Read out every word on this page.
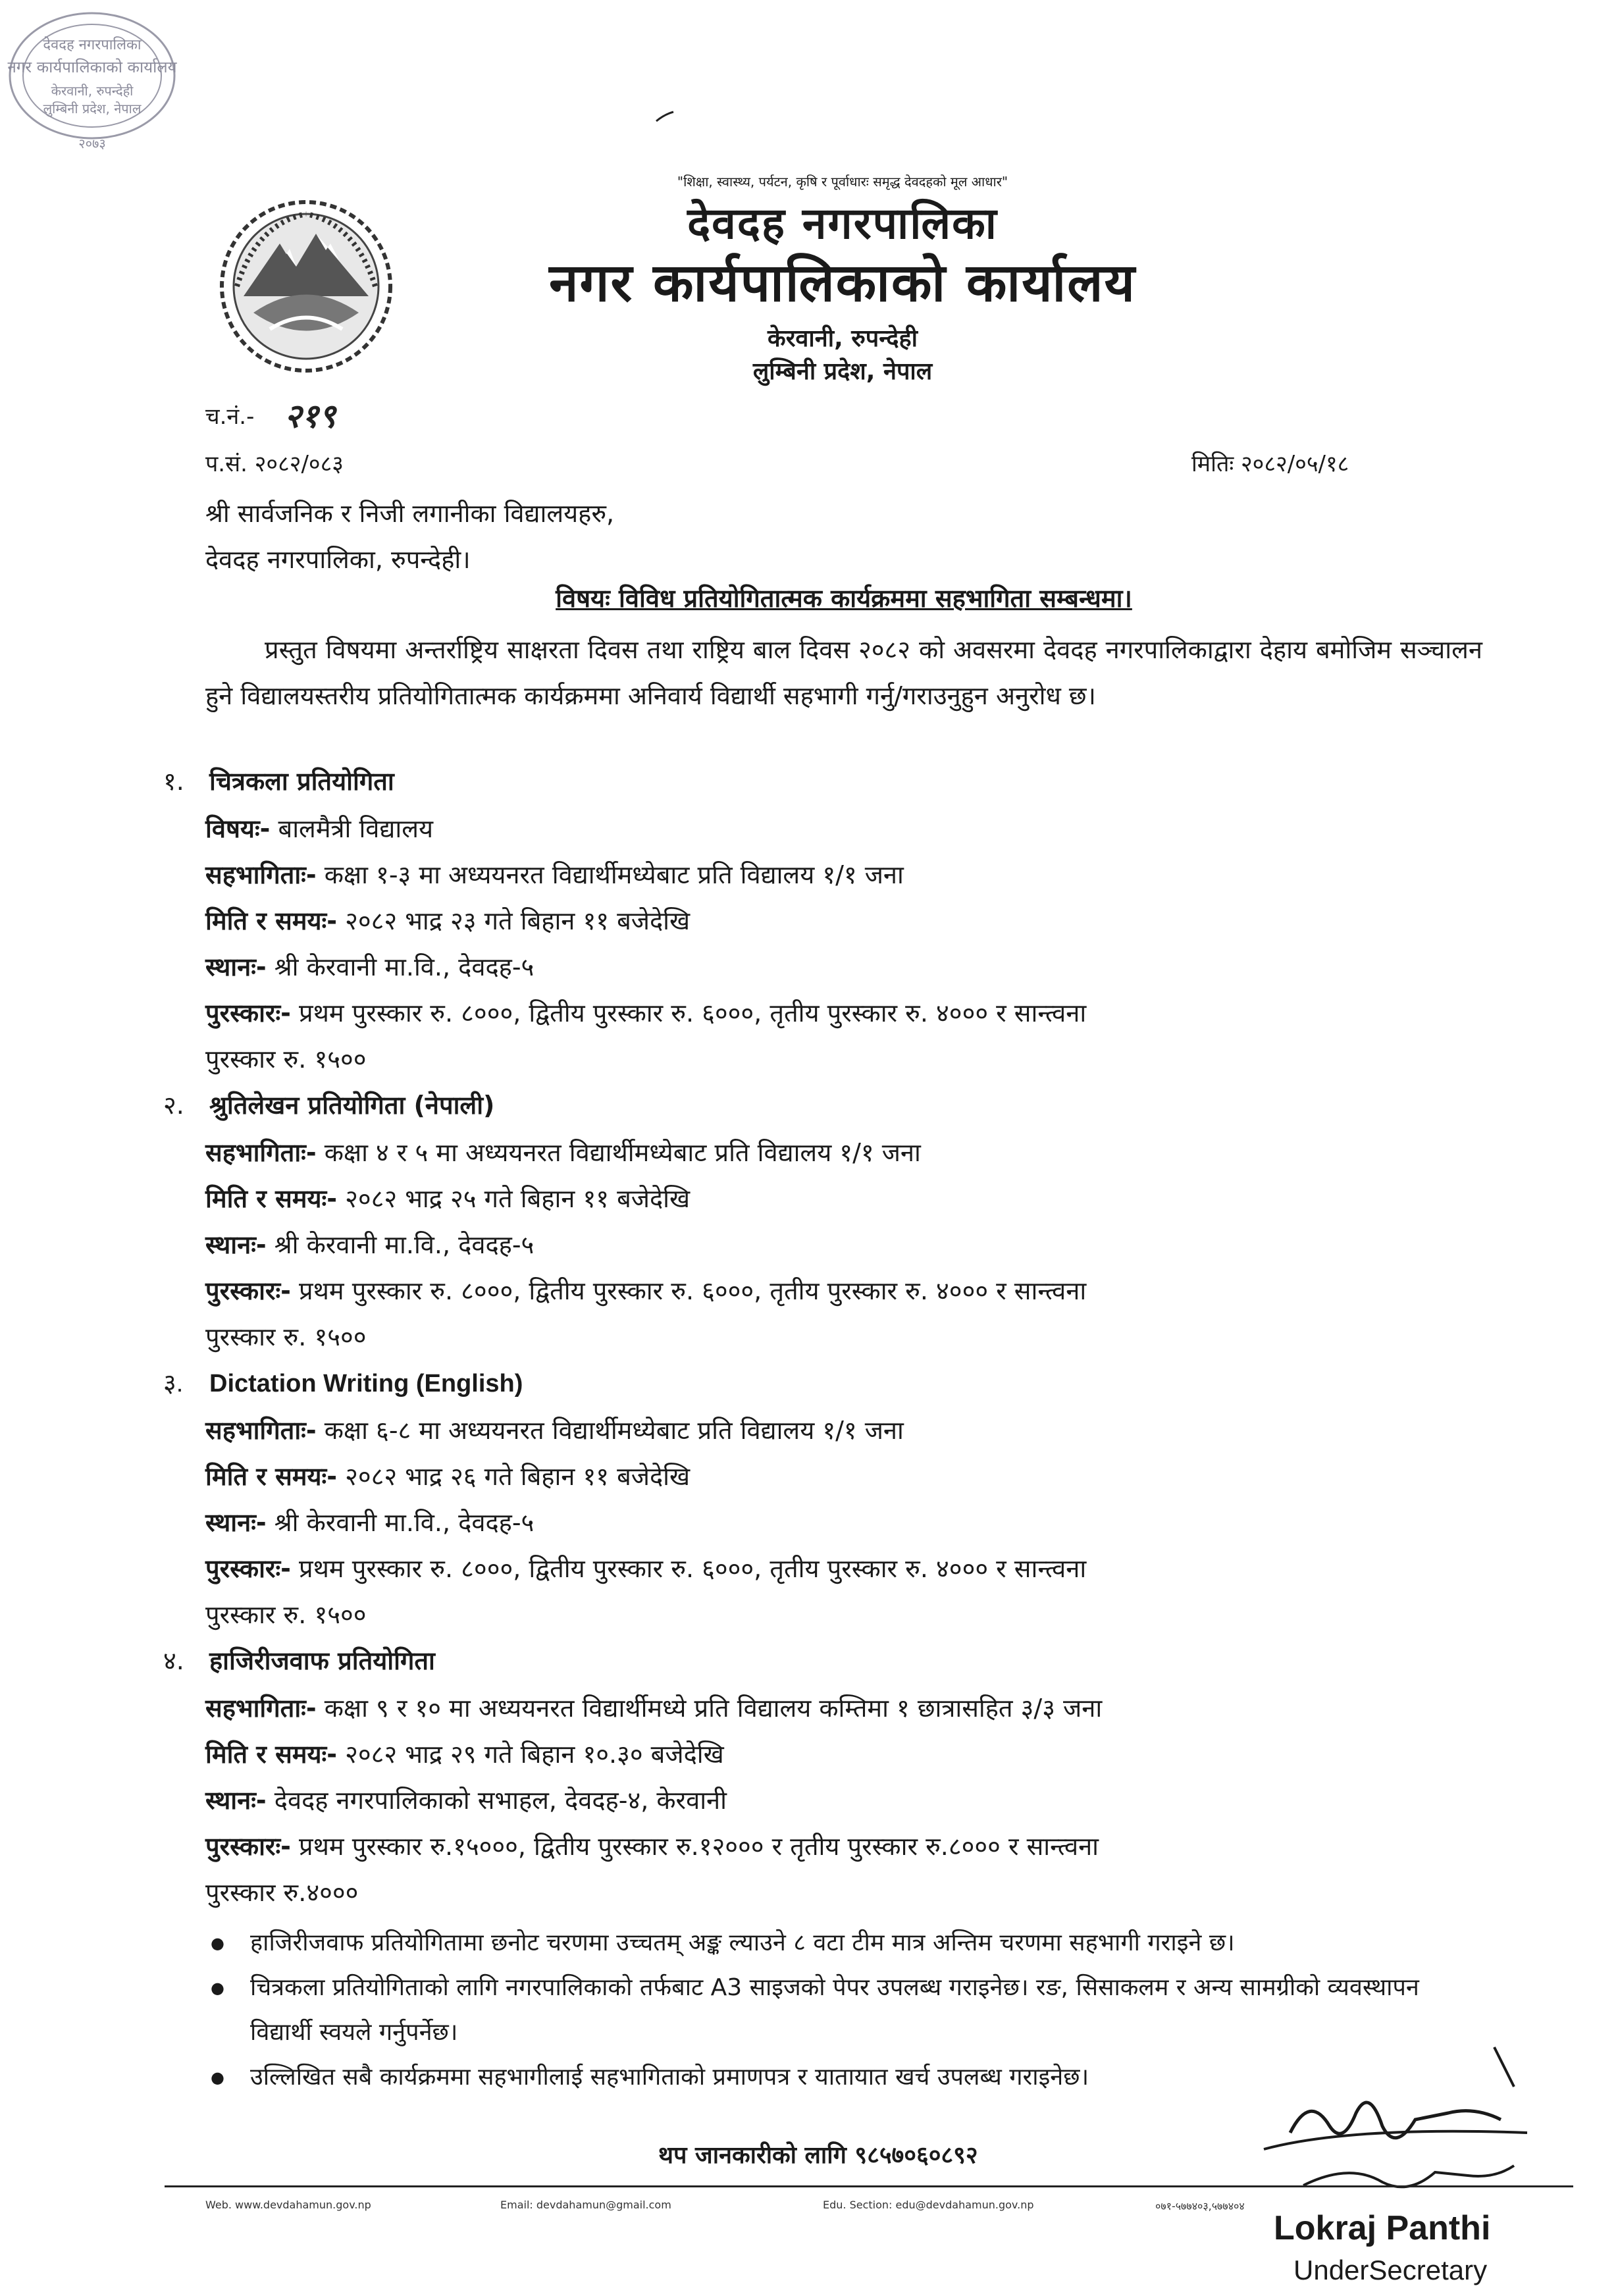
"शिक्षा, स्वास्थ्य, पर्यटन, कृषि र पूर्वाधारः समृद्ध देवदहको मूल आधार"
देवदह नगरपालिका
नगर कार्यपालिकाको कार्यालय
केरवानी, रुपन्देही
लुम्बिनी प्रदेश, नेपाल
देवदह नगरपालिका
नगर कार्यपालिकाको कार्यालय
केरवानी, रुपन्देही
लुम्बिनी प्रदेश, नेपाल
२०७३
च.नं.- २१९
प.सं. २०८२/०८३	मितिः २०८२/०५/१८
श्री सार्वजनिक र निजी लगानीका विद्यालयहरु,
देवदह नगरपालिका, रुपन्देही।
विषयः विविध प्रतियोगितात्मक कार्यक्रममा सहभागिता सम्बन्धमा।
प्रस्तुत विषयमा अन्तर्राष्ट्रिय साक्षरता दिवस तथा राष्ट्रिय बाल दिवस २०८२ को अवसरमा देवदह नगरपालिकाद्वारा देहाय बमोजिम सञ्चालन हुने विद्यालयस्तरीय प्रतियोगितात्मक कार्यक्रममा अनिवार्य विद्यार्थी सहभागी गर्नु/गराउनुहुन अनुरोध छ।
१. चित्रकला प्रतियोगिता
विषयः- बालमैत्री विद्यालय
सहभागिताः- कक्षा १-३ मा अध्ययनरत विद्यार्थीमध्येबाट प्रति विद्यालय १/१ जना
मिति र समयः- २०८२ भाद्र २३ गते बिहान ११ बजेदेखि
स्थानः- श्री केरवानी मा.वि., देवदह-५
पुरस्कारः- प्रथम पुरस्कार रु. ८०००, द्वितीय पुरस्कार रु. ६०००, तृतीय पुरस्कार रु. ४००० र सान्त्वना
पुरस्कार रु. १५००
२. श्रुतिलेखन प्रतियोगिता (नेपाली)
सहभागिताः- कक्षा ४ र ५ मा अध्ययनरत विद्यार्थीमध्येबाट प्रति विद्यालय १/१ जना
मिति र समयः- २०८२ भाद्र २५ गते बिहान ११ बजेदेखि
स्थानः- श्री केरवानी मा.वि., देवदह-५
पुरस्कारः- प्रथम पुरस्कार रु. ८०००, द्वितीय पुरस्कार रु. ६०००, तृतीय पुरस्कार रु. ४००० र सान्त्वना
पुरस्कार रु. १५००
३. Dictation Writing (English)
सहभागिताः- कक्षा ६-८ मा अध्ययनरत विद्यार्थीमध्येबाट प्रति विद्यालय १/१ जना
मिति र समयः- २०८२ भाद्र २६ गते बिहान ११ बजेदेखि
स्थानः- श्री केरवानी मा.वि., देवदह-५
पुरस्कारः- प्रथम पुरस्कार रु. ८०००, द्वितीय पुरस्कार रु. ६०००, तृतीय पुरस्कार रु. ४००० र सान्त्वना
पुरस्कार रु. १५००
४. हाजिरीजवाफ प्रतियोगिता
सहभागिताः- कक्षा ९ र १० मा अध्ययनरत विद्यार्थीमध्ये प्रति विद्यालय कम्तिमा १ छात्रासहित ३/३ जना
मिति र समयः- २०८२ भाद्र २९ गते बिहान १०.३० बजेदेखि
स्थानः- देवदह नगरपालिकाको सभाहल, देवदह-४, केरवानी
पुरस्कारः- प्रथम पुरस्कार रु.१५०००, द्वितीय पुरस्कार रु.१२००० र तृतीय पुरस्कार रु.८००० र सान्त्वना
पुरस्कार रु.४०००
● हाजिरीजवाफ प्रतियोगितामा छनोट चरणमा उच्चतम् अङ्क ल्याउने ८ वटा टीम मात्र अन्तिम चरणमा सहभागी गराइने छ।
● चित्रकला प्रतियोगिताको लागि नगरपालिकाको तर्फबाट A3 साइजको पेपर उपलब्ध गराइनेछ। रङ, सिसाकलम र अन्य सामग्रीको व्यवस्थापन विद्यार्थी स्वयले गर्नुपर्नेछ।
● उल्लिखित सबै कार्यक्रममा सहभागीलाई सहभागिताको प्रमाणपत्र र यातायात खर्च उपलब्ध गराइनेछ।
थप जानकारीको लागि ९८५७०६०८९२
Web. www.devdahamun.gov.np	Email: devdahamun@gmail.com	Edu. Section: edu@devdahamun.gov.np	०७१-५७७४०३,५७७४०४
Lokraj Panthi
UnderSecretary
